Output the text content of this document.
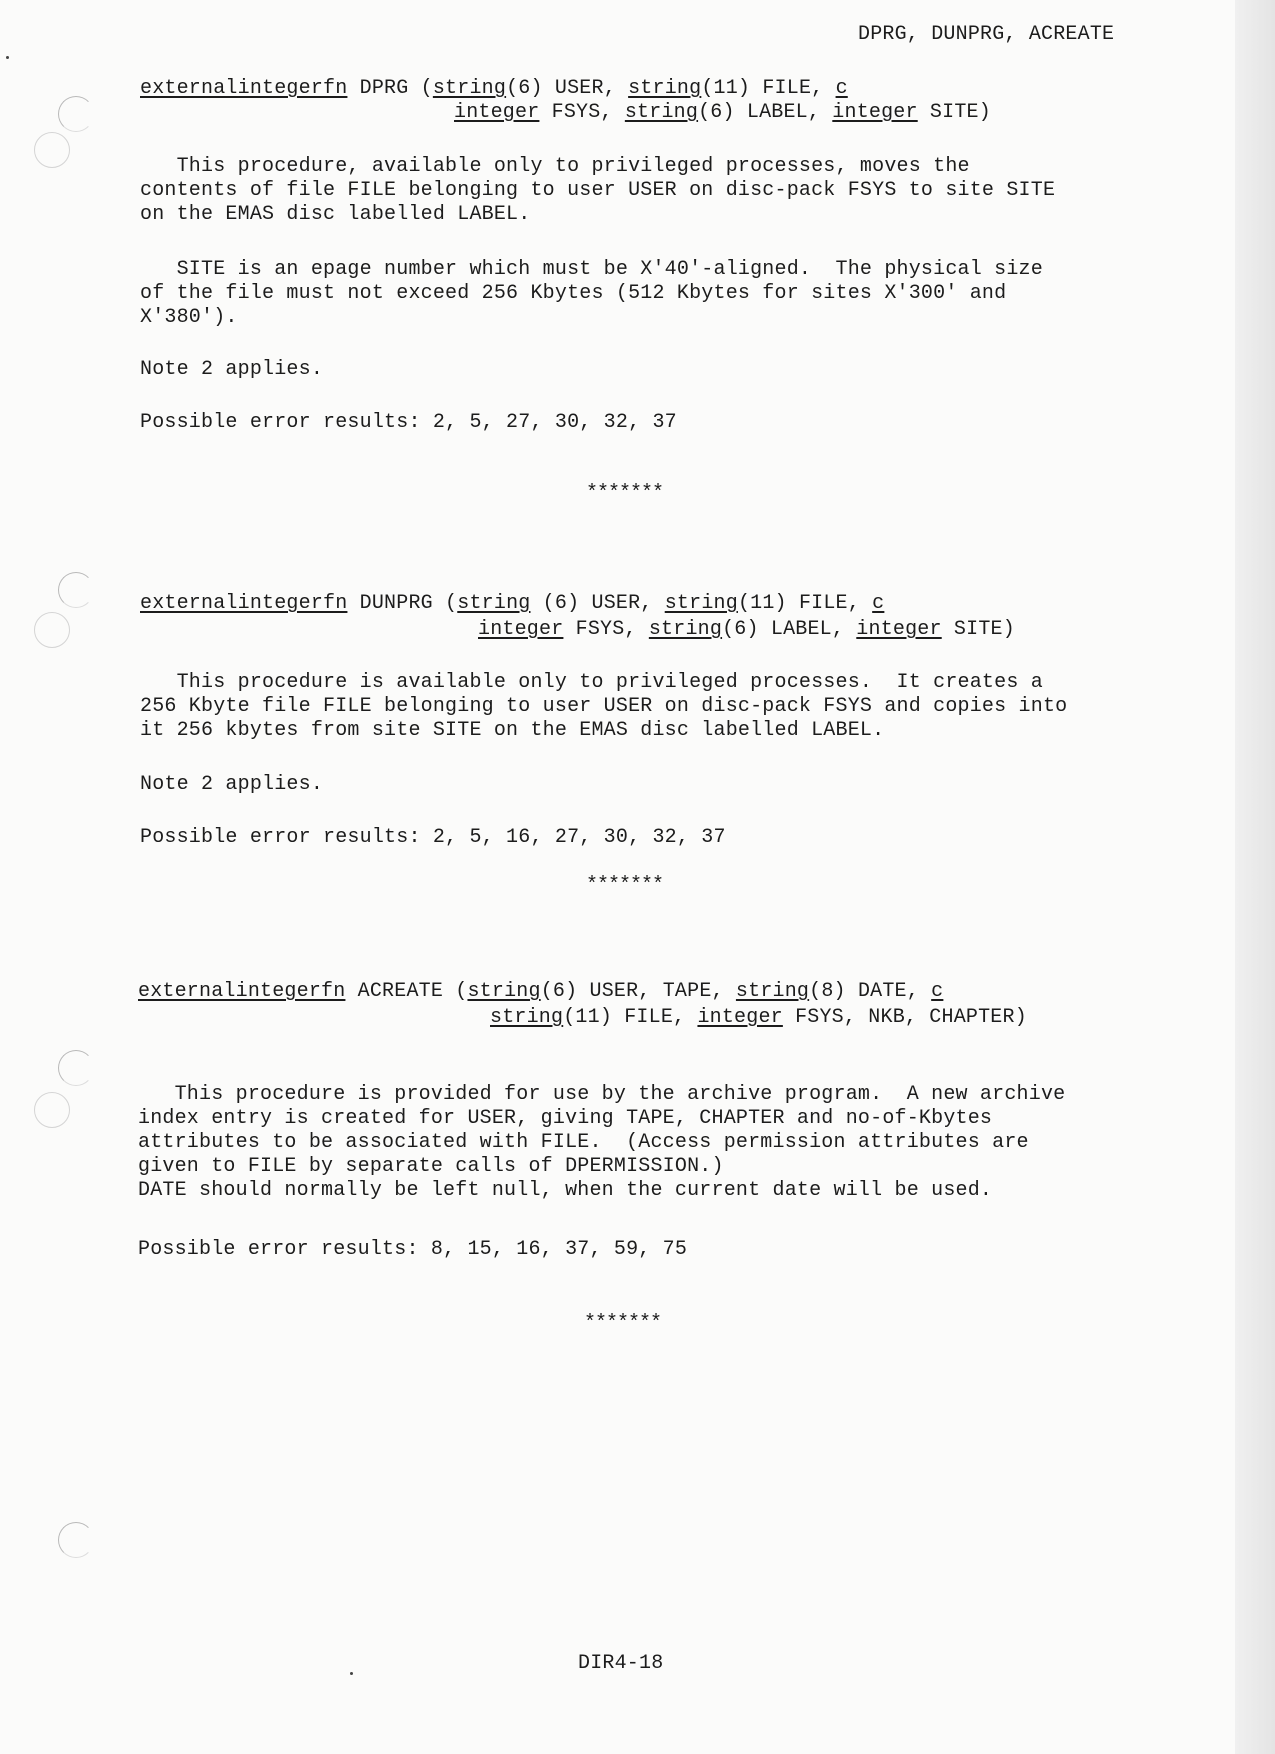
DPRG, DUNPRG, ACREATE
externalintegerfn DPRG (string(6) USER, string(11) FILE, c
integer FSYS, string(6) LABEL, integer SITE)
This procedure, available only to privileged processes, moves the
contents of file FILE belonging to user USER on disc-pack FSYS to site SITE
on the EMAS disc labelled LABEL.
SITE is an epage number which must be X'40'-aligned.  The physical size
of the file must not exceed 256 Kbytes (512 Kbytes for sites X'300' and
X'380').
Note 2 applies.
Possible error results: 2, 5, 27, 30, 32, 37
*******
externalintegerfn DUNPRG (string (6) USER, string(11) FILE, c
integer FSYS, string(6) LABEL, integer SITE)
This procedure is available only to privileged processes.  It creates a
256 Kbyte file FILE belonging to user USER on disc-pack FSYS and copies into
it 256 kbytes from site SITE on the EMAS disc labelled LABEL.
Note 2 applies.
Possible error results: 2, 5, 16, 27, 30, 32, 37
*******
externalintegerfn ACREATE (string(6) USER, TAPE, string(8) DATE, c
string(11) FILE, integer FSYS, NKB, CHAPTER)
This procedure is provided for use by the archive program.  A new archive
index entry is created for USER, giving TAPE, CHAPTER and no-of-Kbytes
attributes to be associated with FILE.  (Access permission attributes are
given to FILE by separate calls of DPERMISSION.)
DATE should normally be left null, when the current date will be used.
Possible error results: 8, 15, 16, 37, 59, 75
*******
DIR4-18
